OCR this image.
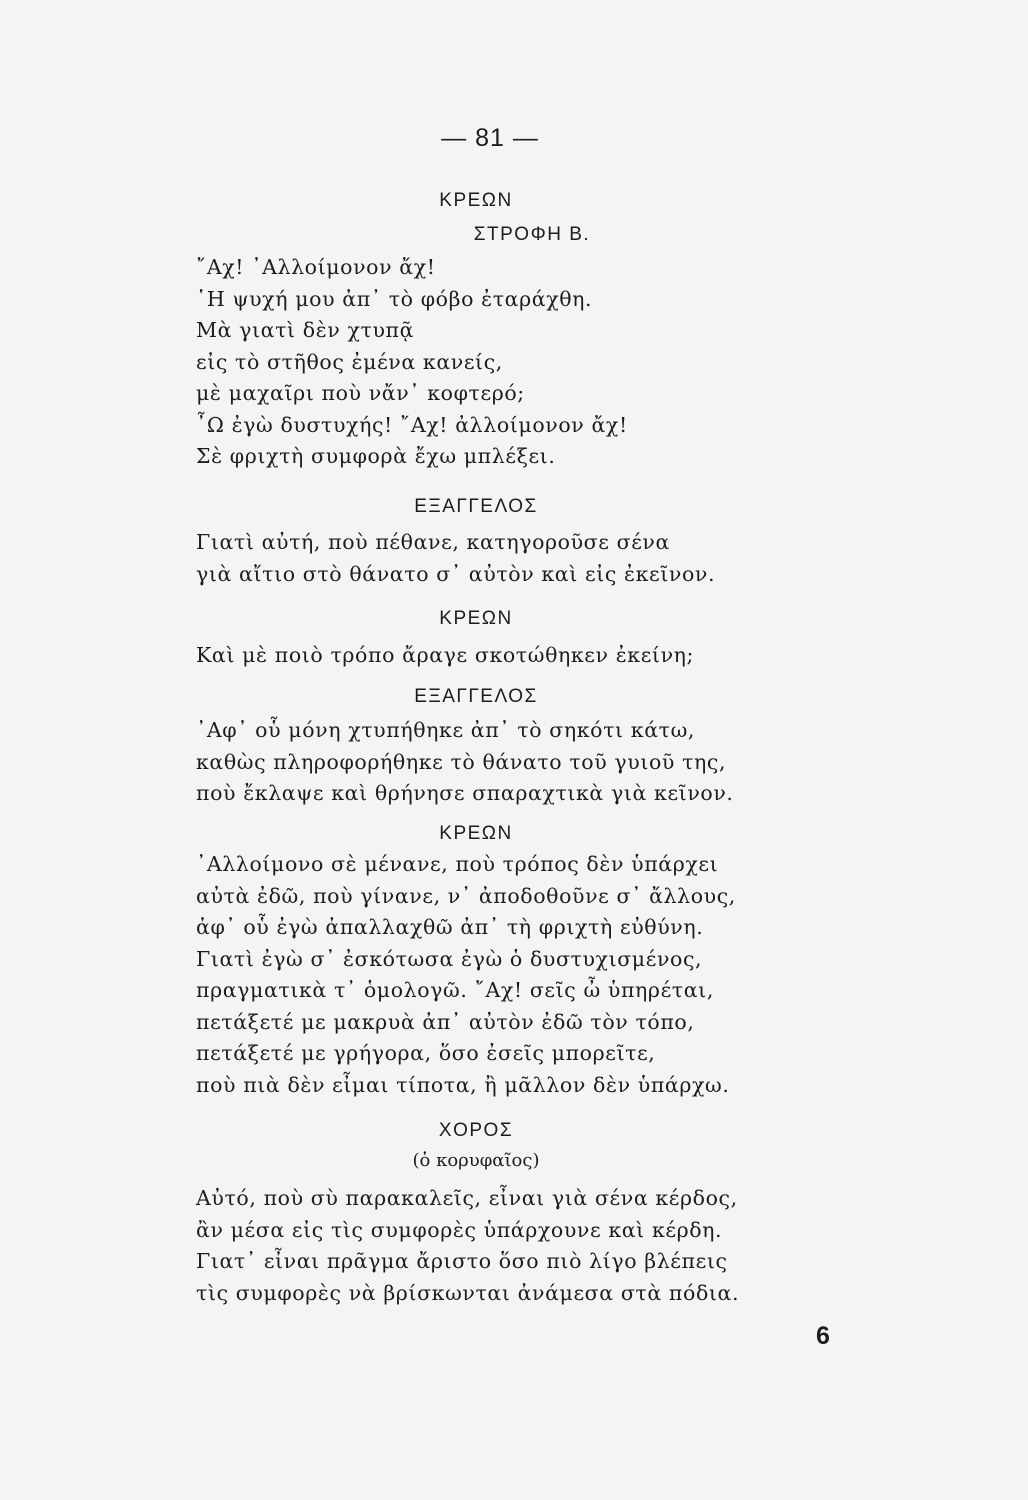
— 81 —
ΚΡΕΩΝ
ΣΤΡΟΦΗ Β.
῎Αχ! ᾿Αλλοίμονον ἄχ!
῾Η ψυχή μου ἀπ᾿ τὸ φόβο ἐταράχθη.
Μὰ γιατὶ δὲν χτυπᾷ
εἰς τὸ στῆθος ἐμένα κανείς,
μὲ μαχαῖρι ποὺ νἄν᾿ κοφτερό;
῏Ω ἐγὼ δυστυχής! ῎Αχ! ἀλλοίμονον ἄχ!
Σὲ φριχτὴ συμφορὰ ἔχω μπλέξει.
ΕΞΑΓΓΕΛΟΣ
Γιατὶ αὐτή, ποὺ πέθανε, κατηγοροῦσε σένα
γιὰ αἴτιο στὸ θάνατο σ᾿ αὐτὸν καὶ εἰς ἐκεῖνον.
ΚΡΕΩΝ
Καὶ μὲ ποιὸ τρόπο ἄραγε σκοτώθηκεν ἐκείνη;
ΕΞΑΓΓΕΛΟΣ
᾿Αφ᾿ οὗ μόνη χτυπήθηκε ἀπ᾿ τὸ σηκότι κάτω,
καθὼς πληροφορήθηκε τὸ θάνατο τοῦ γυιοῦ της,
ποὺ ἔκλαψε καὶ θρήνησε σπαραχτικὰ γιὰ κεῖνον.
ΚΡΕΩΝ
᾿Αλλοίμονο σὲ μένανε, ποὺ τρόπος δὲν ὑπάρχει
αὐτὰ ἐδῶ, ποὺ γίνανε, ν᾿ ἀποδοθοῦνε σ᾿ ἄλλους,
ἀφ᾿ οὗ ἐγὼ ἀπαλλαχθῶ ἀπ᾿ τὴ φριχτὴ εὐθύνη.
Γιατὶ ἐγὼ σ᾿ ἐσκότωσα ἐγὼ ὁ δυστυχισμένος,
πραγματικὰ τ᾿ ὁμολογῶ. ῎Αχ! σεῖς ὦ ὑπηρέται,
πετάξετέ με μακρυὰ ἀπ᾿ αὐτὸν ἐδῶ τὸν τόπο,
πετάξετέ με γρήγορα, ὅσο ἐσεῖς μπορεῖτε,
ποὺ πιὰ δὲν εἶμαι τίποτα, ἢ μᾶλλον δὲν ὑπάρχω.
ΧΟΡΟΣ
(ὁ κορυφαῖος)
Αὐτό, ποὺ σὺ παρακαλεῖς, εἶναι γιὰ σένα κέρδος,
ἂν μέσα εἰς τὶς συμφορὲς ὑπάρχουνε καὶ κέρδη.
Γιατ᾿ εἶναι πρᾶγμα ἄριστο ὅσο πιὸ λίγο βλέπεις
τὶς συμφορὲς νὰ βρίσκωνται ἀνάμεσα στὰ πόδια.
6
